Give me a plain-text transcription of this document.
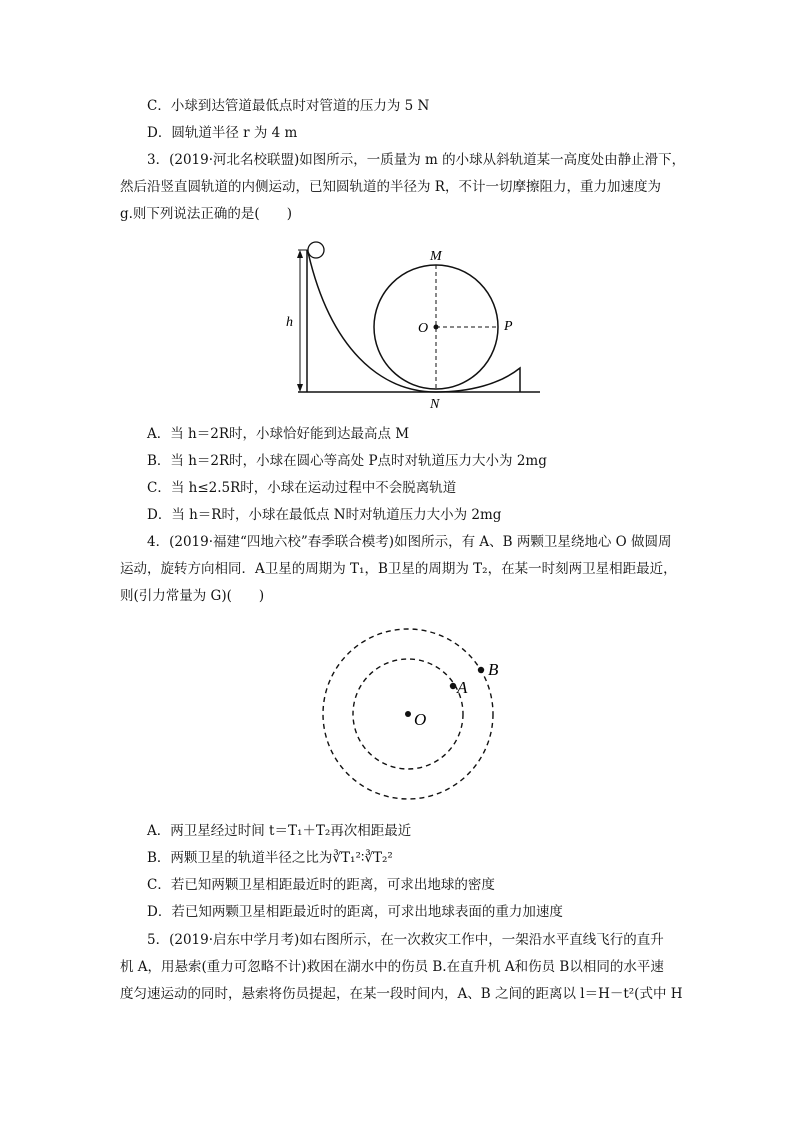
C．小球到达管道最低点时对管道的压力为 5 N
D．圆轨道半径 r 为 4 m
3．(2019·河北名校联盟)如图所示，一质量为 m 的小球从斜轨道某一高度处由静止滑下，
然后沿竖直圆轨道的内侧运动，已知圆轨道的半径为 R，不计一切摩擦阻力，重力加速度为
g.则下列说法正确的是(　　)
M
O	P
N
h
A．当 h＝2R时，小球恰好能到达最高点 M
B．当 h＝2R时，小球在圆心等高处 P点时对轨道压力大小为 2mg
C．当 h≤2.5R时，小球在运动过程中不会脱离轨道
D．当 h＝R时，小球在最低点 N时对轨道压力大小为 2mg
4．(2019·福建“四地六校”春季联合模考)如图所示，有 A、B 两颗卫星绕地心 O 做圆周
运动，旋转方向相同．A卫星的周期为 T₁，B卫星的周期为 T₂，在某一时刻两卫星相距最近，
则(引力常量为 G)(　　)
O
A
B
A．两卫星经过时间 t＝T₁＋T₂再次相距最近
B．两颗卫星的轨道半径之比为∛T₁²∶∛T₂²
C．若已知两颗卫星相距最近时的距离，可求出地球的密度
D．若已知两颗卫星相距最近时的距离，可求出地球表面的重力加速度
5．(2019·启东中学月考)如右图所示，在一次救灾工作中，一架沿水平直线飞行的直升
机 A，用悬索(重力可忽略不计)救困在湖水中的伤员 B.在直升机 A和伤员 B以相同的水平速
度匀速运动的同时，悬索将伤员提起，在某一段时间内，A、B 之间的距离以 l＝H－t²(式中 H
